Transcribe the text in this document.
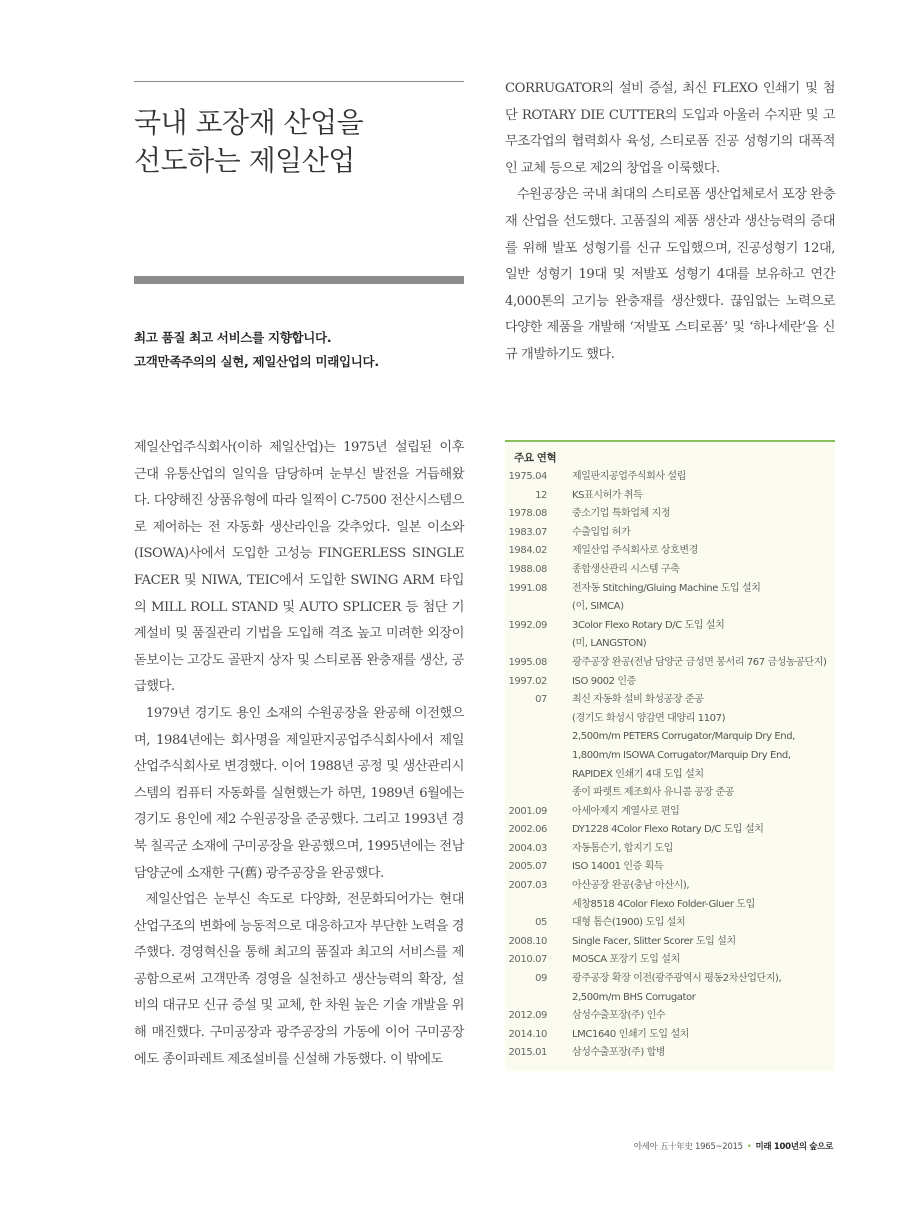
국내 포장재 산업을
선도하는 제일산업
최고 품질 최고 서비스를 지향합니다.
고객만족주의의 실현, 제일산업의 미래입니다.

제일산업주식회사(이하 제일산업)는 1975년 설립된 이후 근대 유통산업의 일익을 담당하며 눈부신 발전을 거듭해왔다. 다양해진 상품유형에 따라 일찍이 C-7500 전산시스템으로 제어하는 전 자동화 생산라인을 갖추었다. 일본 이소와(ISOWA)사에서 도입한 고성능 FINGERLESS SINGLE FACER 및 NIWA, TEIC에서 도입한 SWING ARM 타입의 MILL ROLL STAND 및 AUTO SPLICER 등 첨단 기계설비 및 품질관리 기법을 도입해 격조 높고 미려한 외장이 돋보이는 고강도 골판지 상자 및 스티로폼 완충재를 생산, 공급했다.

1979년 경기도 용인 소재의 수원공장을 완공해 이전했으며, 1984년에는 회사명을 제일판지공업주식회사에서 제일산업주식회사로 변경했다. 이어 1988년 공정 및 생산관리시스템의 컴퓨터 자동화를 실현했는가 하면, 1989년 6월에는 경기도 용인에 제2 수원공장을 준공했다. 그리고 1993년 경북 칠곡군 소재에 구미공장을 완공했으며, 1995년에는 전남 담양군에 소재한 구(舊) 광주공장을 완공했다.

제일산업은 눈부신 속도로 다양화, 전문화되어가는 현대 산업구조의 변화에 능동적으로 대응하고자 부단한 노력을 경주했다. 경영혁신을 통해 최고의 품질과 최고의 서비스를 제공함으로써 고객만족 경영을 실천하고 생산능력의 확장, 설비의 대규모 신규 증설 및 교체, 한 차원 높은 기술 개발을 위해 매진했다. 구미공장과 광주공장의 가동에 이어 구미공장에도 종이파레트 제조설비를 신설해 가동했다. 이 밖에도

CORRUGATOR의 설비 증설, 최신 FLEXO 인쇄기 및 첨단 ROTARY DIE CUTTER의 도입과 아울러 수지판 및 고무조각업의 협력회사 육성, 스티로폼 진공 성형기의 대폭적인 교체 등으로 제2의 창업을 이룩했다.

수원공장은 국내 최대의 스티로폼 생산업체로서 포장 완충재 산업을 선도했다. 고품질의 제품 생산과 생산능력의 증대를 위해 발포 성형기를 신규 도입했으며, 진공성형기 12대, 일반 성형기 19대 및 저발포 성형기 4대를 보유하고 연간 4,000톤의 고기능 완충재를 생산했다. 끊임없는 노력으로 다양한 제품을 개발해 ‘저발포 스티로폼’ 및 ‘하나세란’을 신규 개발하기도 했다.

주요 연혁
1975.04	제일판지공업주식회사 설립
12	KS표시허가 취득
1978.08	중소기업 특화업체 지정
1983.07	수출입업 허가
1984.02	제일산업 주식회사로 상호변경
1988.08	종합생산관리 시스템 구축
1991.08	전자동 Stitching/Gluing Machine 도입 설치
(이, SIMCA)
1992.09	3Color Flexo Rotary D/C 도입 설치
(미, LANGSTON)
1995.08	광주공장 완공(전남 담양군 금성면 봉서리 767 금성농공단지)
1997.02	ISO 9002 인증
07	최신 자동화 설비 화성공장 준공
(경기도 화성시 양감면 대양리 1107)
2,500m/m PETERS Corrugator/Marquip Dry End,
1,800m/m ISOWA Corrugator/Marquip Dry End,
RAPIDEX 인쇄기 4대 도입 설치
종이 파렛트 제조회사 유니콤 공장 준공
2001.09	아세아제지 계열사로 편입
2002.06	DY1228 4Color Flexo Rotary D/C 도입 설치
2004.03	자동톰슨기, 합지기 도입
2005.07	ISO 14001 인증 획득
2007.03	아산공장 완공(충남 아산시),
세창8518 4Color Flexo Folder-Gluer 도입
05	대형 톰슨(1900) 도입 설치
2008.10	Single Facer, Slitter Scorer 도입 설치
2010.07	MOSCA 포장기 도입 설치
09	광주공장 확장 이전(광주광역시 평동2차산업단지),
2,500m/m BHS Corrugator
2012.09	삼성수출포장(주) 인수
2014.10	LMC1640 인쇄기 도입 설치
2015.01	삼성수출포장(주) 합병
아세아 五十年史 1965~2015 • 미래 100년의 숲으로
